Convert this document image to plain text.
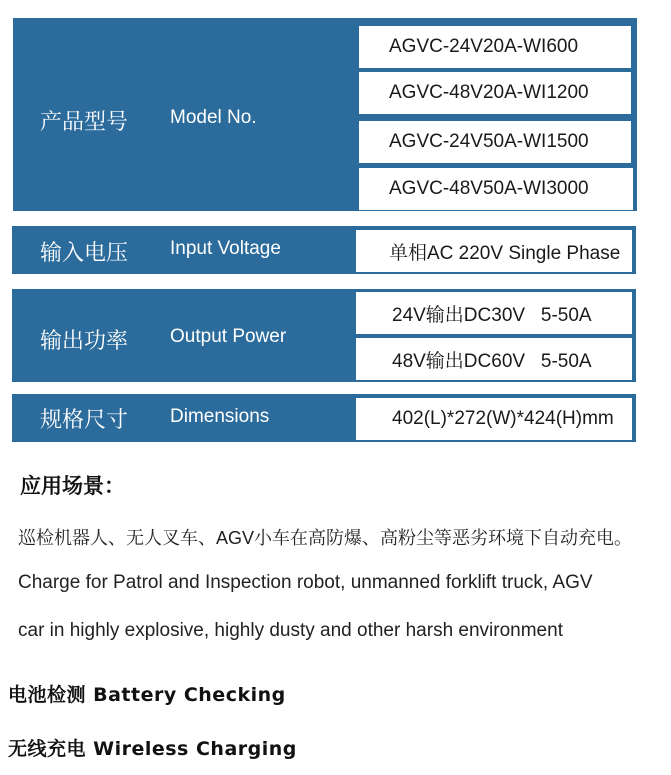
产品型号 Model No.
AGVC-24V20A-WI600
AGVC-48V20A-WI1200
AGVC-24V50A-WI1500
AGVC-48V50A-WI3000
输入电压 Input Voltage	单相AC 220V Single Phase
输出功率 Output Power
24V输出DC30V   5-50A
48V输出DC60V   5-50A
规格尺寸 Dimensions	402(L)*272(W)*424(H)mm
应用场景：
巡检机器人、无人叉车、AGV小车在高防爆、高粉尘等恶劣环境下自动充电。
Charge for Patrol and Inspection robot, unmanned forklift truck, AGV
car in highly explosive, highly dusty and other harsh environment
电池检测 Battery Checking
无线充电 Wireless Charging
